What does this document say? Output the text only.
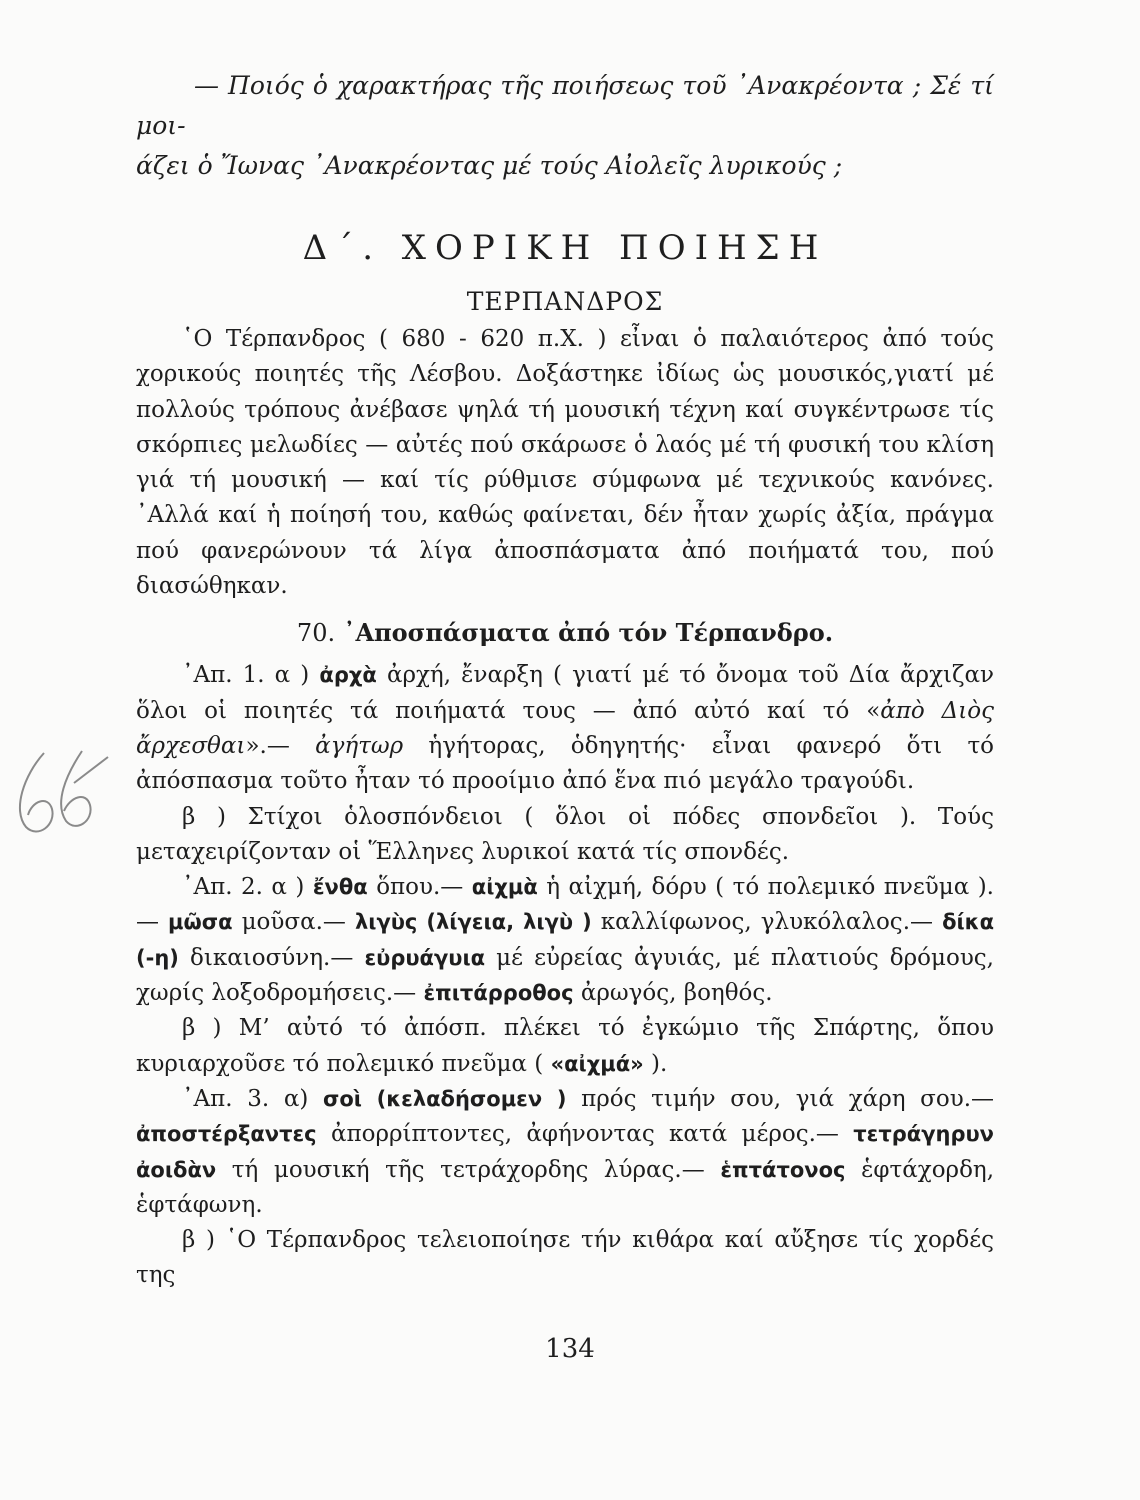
— Ποιός ὁ χαρακτήρας τῆς ποιήσεως τοῦ ᾿Ανακρέοντα ; Σέ τί μοι-
άζει ὁ Ἴωνας ᾿Ανακρέοντας μέ τούς Αἰολεῖς λυρικούς ;

Δ΄. ΧΟΡΙΚΗ ΠΟΙΗΣΗ
ΤΕΡΠΑΝΔΡΟΣ

῾Ο Τέρπανδρος ( 680 - 620 π.Χ. ) εἶναι ὁ παλαιότερος ἀπό τούς χορικούς ποιητές τῆς Λέσβου. Δοξάστηκε ἰδίως ὡς μουσικός,γιατί μέ πολλούς τρόπους ἀνέβασε ψηλά τή μουσική τέχνη καί συγκέντρωσε τίς σκόρπιες μελωδίες — αὐτές πού σκάρωσε ὁ λαός μέ τή φυσική του κλίση γιά τή μουσική — καί τίς ρύθμισε σύμφωνα μέ τεχνικούς κανόνες. ᾿Αλλά καί ἡ ποίησή του, καθώς φαίνεται, δέν ἦταν χωρίς ἀξία, πράγμα πού φανερώνουν τά λίγα ἀποσπάσματα ἀπό ποιήματά του, πού διασώθηκαν.

70. ᾿Αποσπάσματα ἀπό τόν Τέρπανδρο.

᾿Απ. 1. α ) ἀρχὰ ἀρχή, ἔναρξη ( γιατί μέ τό ὄνομα τοῦ Δία ἄρχιζαν ὅλοι οἱ ποιητές τά ποιήματά τους — ἀπό αὐτό καί τό «ἀπὸ Διὸς ἄρχεσθαι».— ἀγήτωρ ἡγήτορας, ὁδηγητής· εἶναι φανερό ὅτι τό ἀπόσπασμα τοῦτο ἦταν τό προοίμιο ἀπό ἕνα πιό μεγάλο τραγούδι.

β ) Στίχοι ὁλοσπόνδειοι ( ὅλοι οἱ πόδες σπονδεῖοι ). Τούς μεταχειρίζονταν οἱ Ἕλληνες λυρικοί κατά τίς σπονδές.

᾿Απ. 2. α ) ἔνθα ὅπου.— αἰχμὰ ἡ αἰχμή, δόρυ ( τό πολεμικό πνεῦμα ).— μῶσα μοῦσα.— λιγὺς (λίγεια, λιγὺ ) καλλίφωνος, γλυκόλαλος.— δίκα (-η) δικαιοσύνη.— εὐρυάγυια μέ εὐρείας ἀγυιάς, μέ πλατιούς δρόμους, χωρίς λοξοδρομήσεις.— ἐπιτάρροθος ἀρωγός, βοηθός.

β ) Μ’ αὐτό τό ἀπόσπ. πλέκει τό ἐγκώμιο τῆς Σπάρτης, ὅπου κυριαρχοῦσε τό πολεμικό πνεῦμα ( «αἰχμά» ).

᾿Απ. 3. α) σοὶ (κελαδήσομεν ) πρός τιμήν σου, γιά χάρη σου.— ἀποστέρξαντες ἀπορρίπτοντες, ἀφήνοντας κατά μέρος.— τετράγηρυν ἀοιδὰν τή μουσική τῆς τετράχορδης λύρας.— ἑπτάτονος ἑφτάχορδη, ἑφτάφωνη.

β ) ῾Ο Τέρπανδρος τελειοποίησε τήν κιθάρα καί αὔξησε τίς χορδές της

134
